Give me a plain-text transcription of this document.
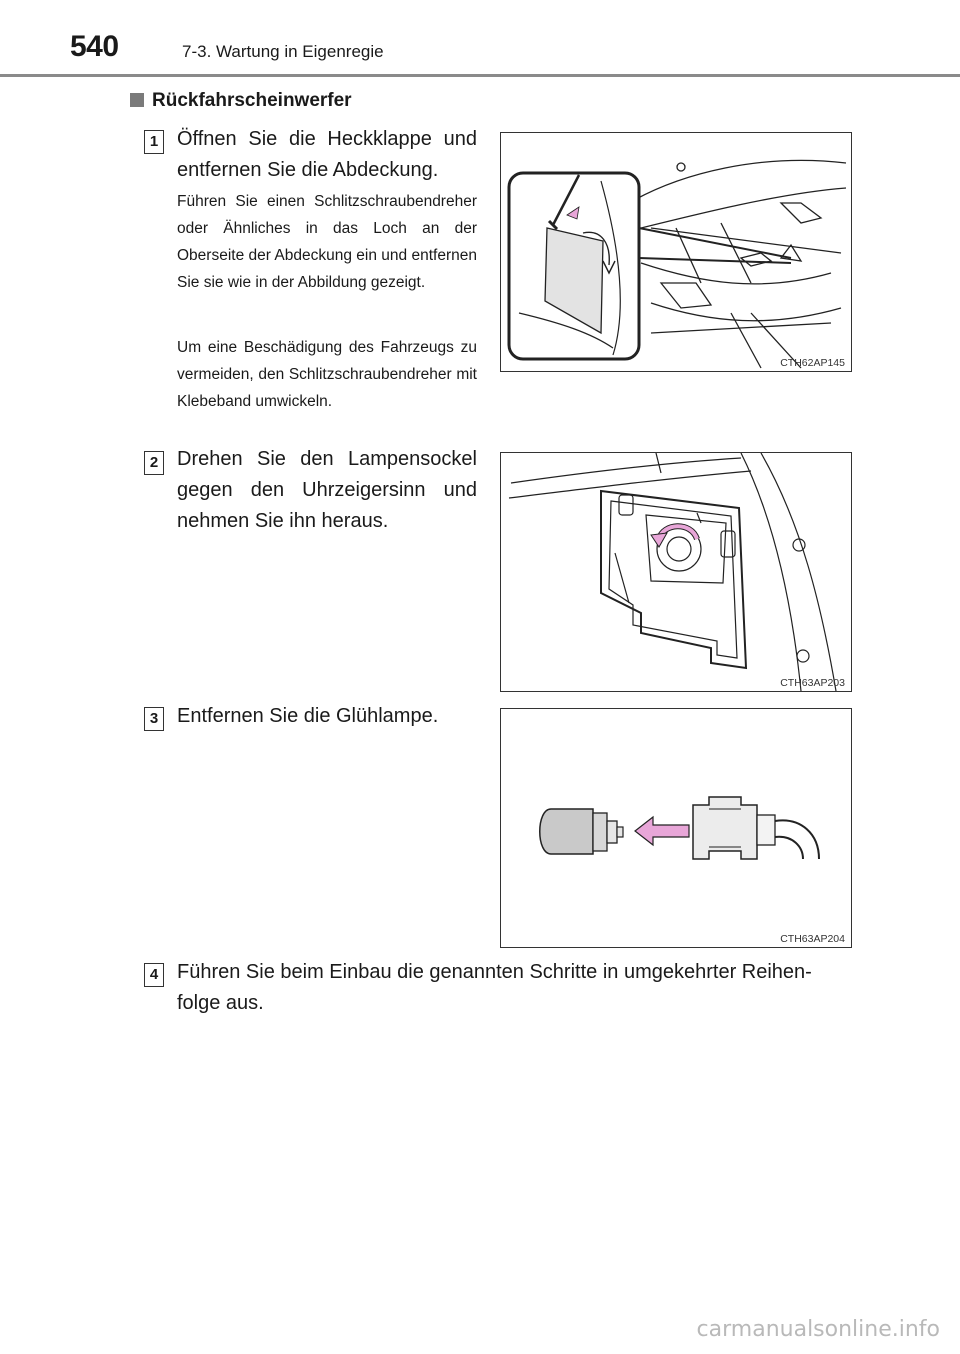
540	7-3. Wartung in Eigenregie
Rückfahrscheinwerfer
1 Öffnen Sie die Heckklappe und entfernen Sie die Abdeckung.
Führen Sie einen Schlitzschraubendreher oder Ähnliches in das Loch an der Oberseite der Abdeckung ein und entfernen Sie sie wie in der Abbildung gezeigt.
Um eine Beschädigung des Fahrzeugs zu vermeiden, den Schlitzschraubendreher mit Klebeband umwickeln.
CTH62AP145
2 Drehen Sie den Lampensockel gegen den Uhrzeigersinn und nehmen Sie ihn heraus.
CTH63AP203
3 Entfernen Sie die Glühlampe.
CTH63AP204
4 Führen Sie beim Einbau die genannten Schritte in umgekehrter Reihenfolge aus.
carmanualsonline.info
